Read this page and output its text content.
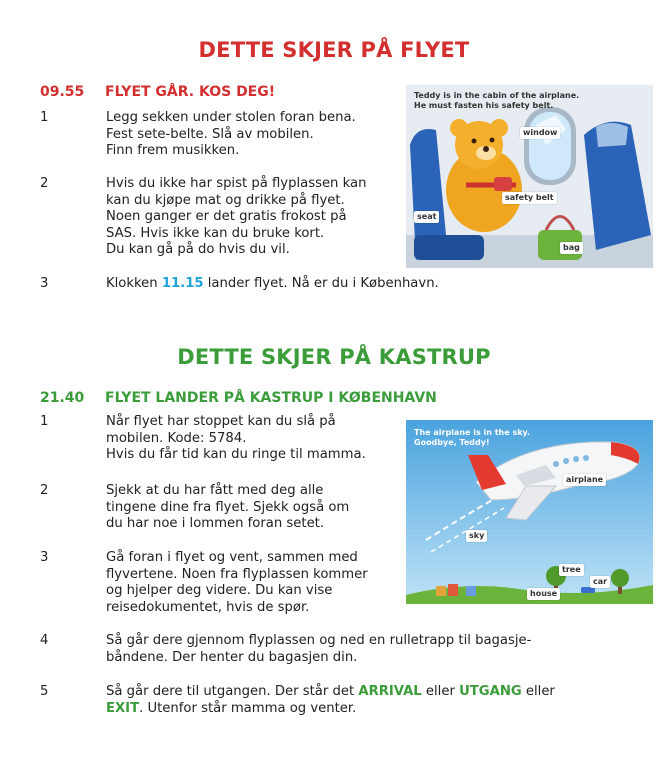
DETTE SKJER PÅ FLYET
09.55 FLYET GÅR. KOS DEG!
1	Legg sekken under stolen foran bena.
Fest sete-belte. Slå av mobilen.
Finn frem musikken.
2	Hvis du ikke har spist på flyplassen kan
kan du kjøpe mat og drikke på flyet.
Noen ganger er det gratis frokost på
SAS. Hvis ikke kan du bruke kort.
Du kan gå på do hvis du vil.
3	Klokken 11.15 lander flyet. Nå er du i København.
Teddy is in the cabin of the airplane.
He must fasten his safety belt.
window
safety belt
seat
bag
DETTE SKJER PÅ KASTRUP
21.40 FLYET LANDER PÅ KASTRUP I KØBENHAVN
1	Når flyet har stoppet kan du slå på
mobilen. Kode: 5784.
Hvis du får tid kan du ringe til mamma.
2	Sjekk at du har fått med deg alle
tingene dine fra flyet. Sjekk også om
du har noe i lommen foran setet.
3	Gå foran i flyet og vent, sammen med
flyvertene. Noen fra flyplassen kommer
og hjelper deg videre. Du kan vise
reisedokumentet, hvis de spør.
4	Så går dere gjennom flyplassen og ned en rulletrapp til bagasje-
båndene. Der henter du bagasjen din.
5	Så går dere til utgangen. Der står det ARRIVAL eller UTGANG eller
EXIT. Utenfor står mamma og venter.
The airplane is in the sky.
Goodbye, Teddy!
airplane
sky
tree
car
house
